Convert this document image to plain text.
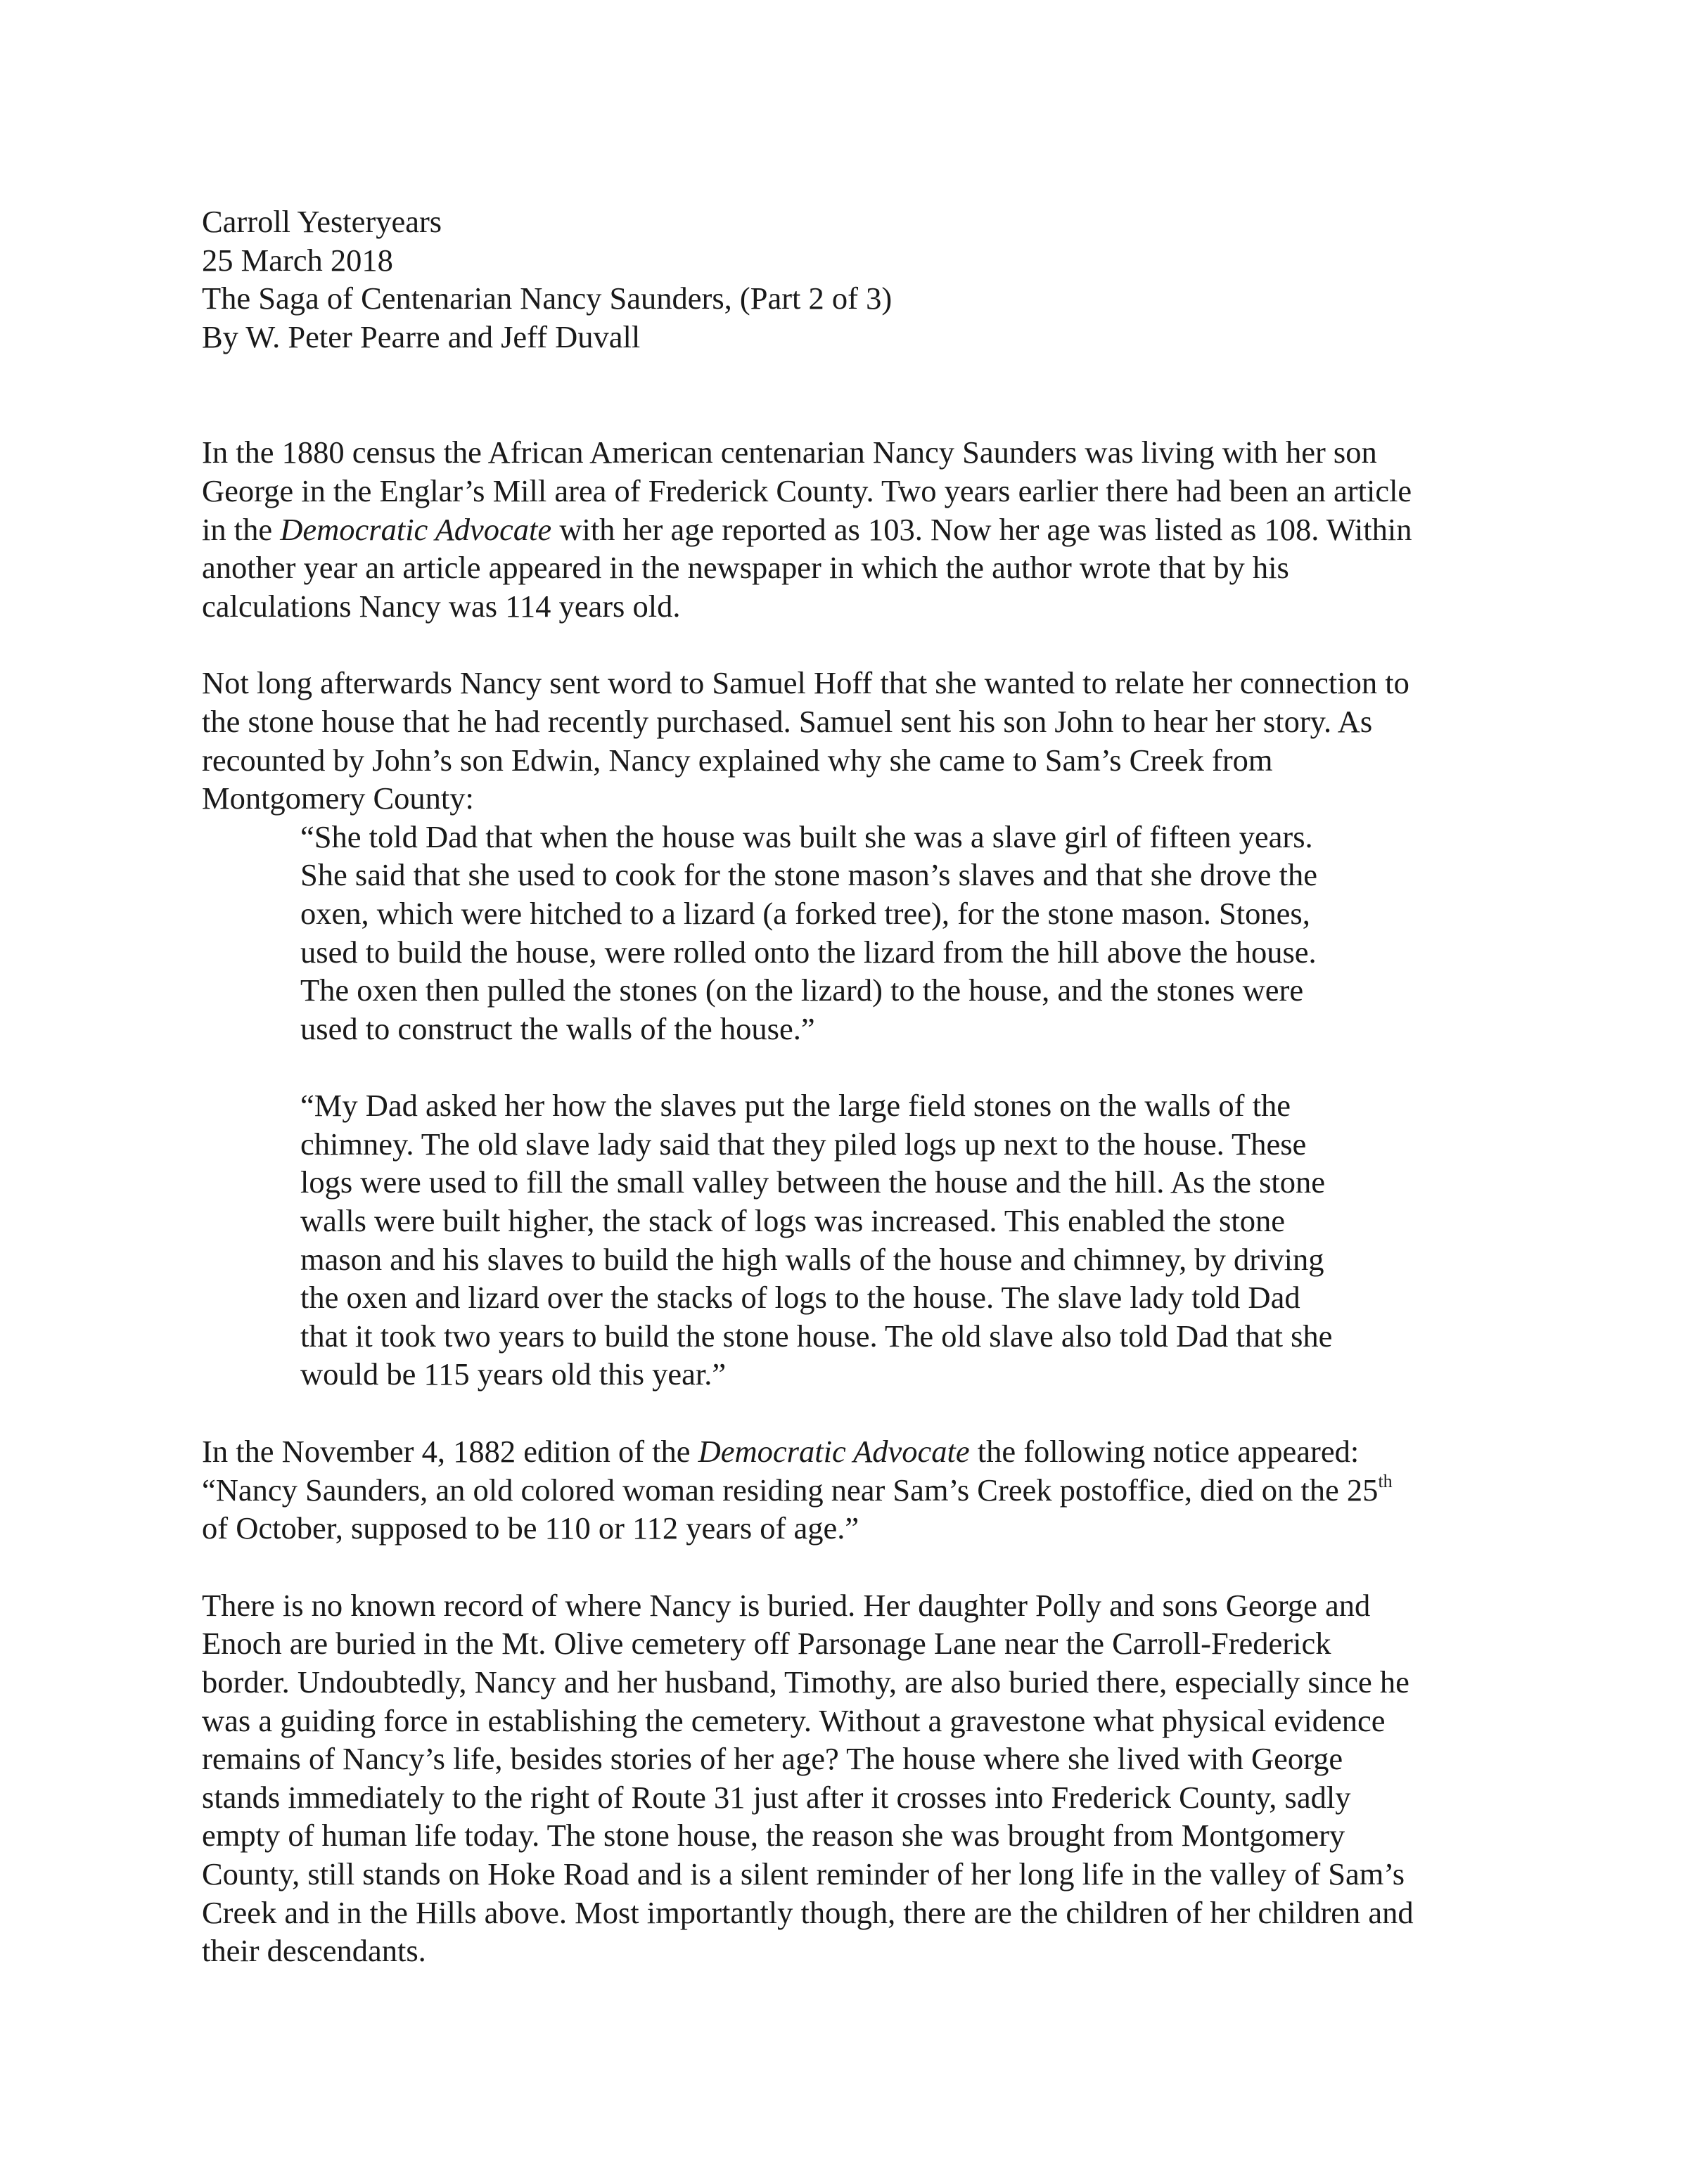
Carroll Yesteryears
25 March 2018
The Saga of Centenarian Nancy Saunders, (Part 2 of 3)
By W. Peter Pearre and Jeff Duvall
In the 1880 census the African American centenarian Nancy Saunders was living with her son
George in the Englar’s Mill area of Frederick County. Two years earlier there had been an article
in the Democratic Advocate with her age reported as 103. Now her age was listed as 108. Within
another year an article appeared in the newspaper in which the author wrote that by his
calculations Nancy was 114 years old.
Not long afterwards Nancy sent word to Samuel Hoff that she wanted to relate her connection to
the stone house that he had recently purchased. Samuel sent his son John to hear her story. As
recounted by John’s son Edwin, Nancy explained why she came to Sam’s Creek from
Montgomery County:
“She told Dad that when the house was built she was a slave girl of fifteen years.
She said that she used to cook for the stone mason’s slaves and that she drove the
oxen, which were hitched to a lizard (a forked tree), for the stone mason. Stones,
used to build the house, were rolled onto the lizard from the hill above the house.
The oxen then pulled the stones (on the lizard) to the house, and the stones were
used to construct the walls of the house.”
“My Dad asked her how the slaves put the large field stones on the walls of the
chimney. The old slave lady said that they piled logs up next to the house. These
logs were used to fill the small valley between the house and the hill. As the stone
walls were built higher, the stack of logs was increased. This enabled the stone
mason and his slaves to build the high walls of the house and chimney, by driving
the oxen and lizard over the stacks of logs to the house. The slave lady told Dad
that it took two years to build the stone house. The old slave also told Dad that she
would be 115 years old this year.”
In the November 4, 1882 edition of the Democratic Advocate the following notice appeared:
“Nancy Saunders, an old colored woman residing near Sam’s Creek postoffice, died on the 25th
of October, supposed to be 110 or 112 years of age.”
There is no known record of where Nancy is buried. Her daughter Polly and sons George and
Enoch are buried in the Mt. Olive cemetery off Parsonage Lane near the Carroll-Frederick
border. Undoubtedly, Nancy and her husband, Timothy, are also buried there, especially since he
was a guiding force in establishing the cemetery. Without a gravestone what physical evidence
remains of Nancy’s life, besides stories of her age? The house where she lived with George
stands immediately to the right of Route 31 just after it crosses into Frederick County, sadly
empty of human life today. The stone house, the reason she was brought from Montgomery
County, still stands on Hoke Road and is a silent reminder of her long life in the valley of Sam’s
Creek and in the Hills above. Most importantly though, there are the children of her children and
their descendants.
